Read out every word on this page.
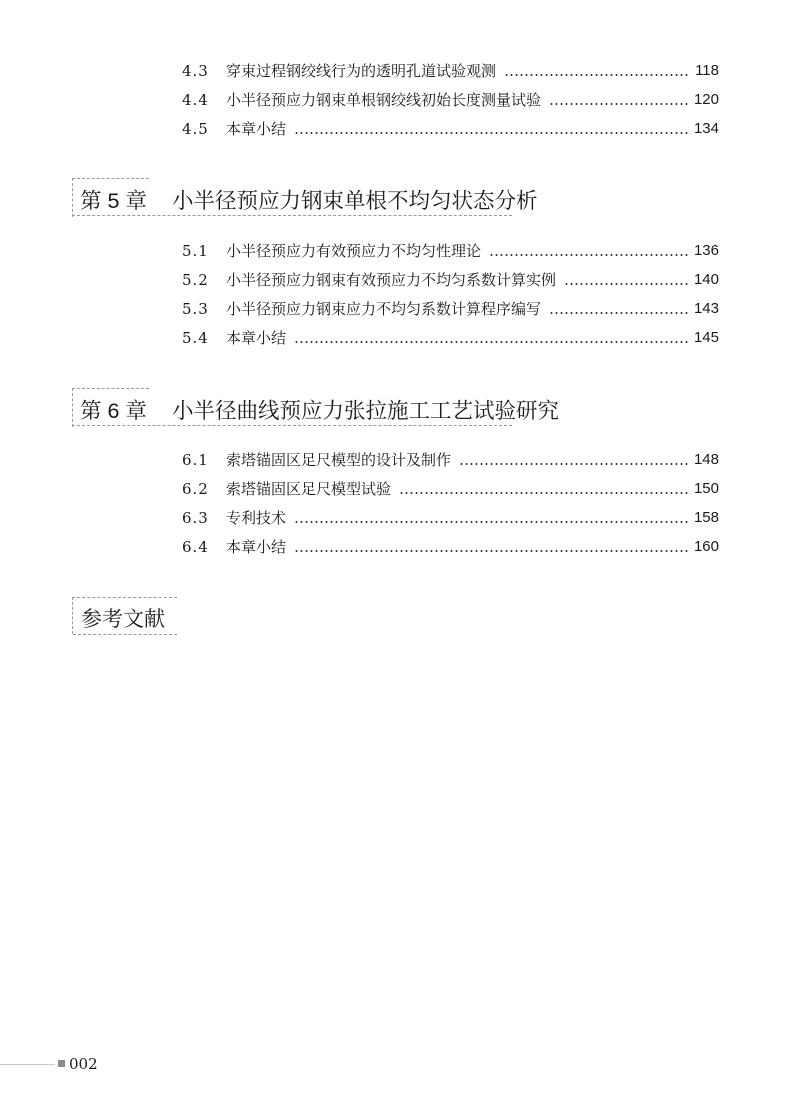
4.3	穿束过程钢绞线行为的透明孔道试验观测	118
4.4	小半径预应力钢束单根钢绞线初始长度测量试验	120
4.5	本章小结	134
第 5 章 小半径预应力钢束单根不均匀状态分析
5.1	小半径预应力有效预应力不均匀性理论	136
5.2	小半径预应力钢束有效预应力不均匀系数计算实例	140
5.3	小半径预应力钢束应力不均匀系数计算程序编写	143
5.4	本章小结	145
第 6 章 小半径曲线预应力张拉施工工艺试验研究
6.1	索塔锚固区足尺模型的设计及制作	148
6.2	索塔锚固区足尺模型试验	150
6.3	专利技术	158
6.4	本章小结	160
参考文献
002
